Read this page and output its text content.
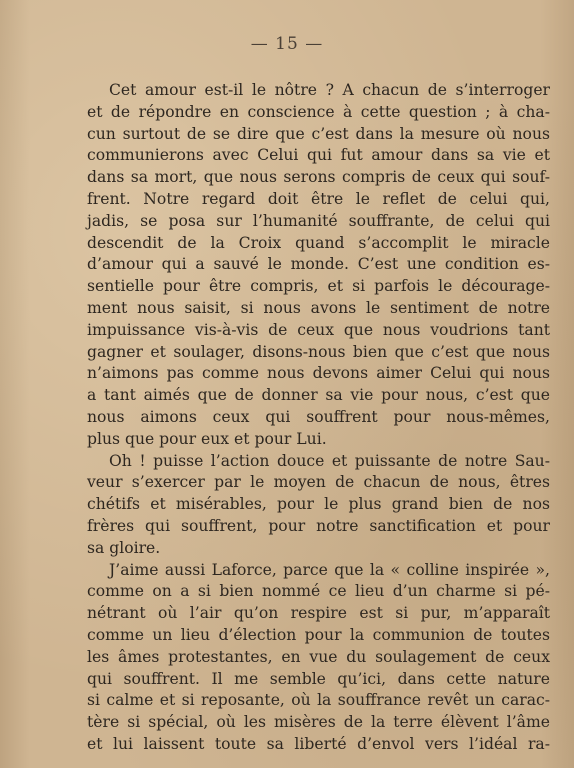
— 15 —
Cet amour est-il le nôtre ? A chacun de s’interroger
et de répondre en conscience à cette question ; à cha-
cun surtout de se dire que c’est dans la mesure où nous
communierons avec Celui qui fut amour dans sa vie et
dans sa mort, que nous serons compris de ceux qui souf-
frent. Notre regard doit être le reflet de celui qui,
jadis, se posa sur l’humanité souffrante, de celui qui
descendit de la Croix quand s’accomplit le miracle
d’amour qui a sauvé le monde. C’est une condition es-
sentielle pour être compris, et si parfois le décourage-
ment nous saisit, si nous avons le sentiment de notre
impuissance vis-à-vis de ceux que nous voudrions tant
gagner et soulager, disons-nous bien que c’est que nous
n’aimons pas comme nous devons aimer Celui qui nous
a tant aimés que de donner sa vie pour nous, c’est que
nous aimons ceux qui souffrent pour nous-mêmes,
plus que pour eux et pour Lui.
Oh ! puisse l’action douce et puissante de notre Sau-
veur s’exercer par le moyen de chacun de nous, êtres
chétifs et misérables, pour le plus grand bien de nos
frères qui souffrent, pour notre sanctification et pour
sa gloire.
J’aime aussi Laforce, parce que la « colline inspirée »,
comme on a si bien nommé ce lieu d’un charme si pé-
nétrant où l’air qu’on respire est si pur, m’apparaît
comme un lieu d’élection pour la communion de toutes
les âmes protestantes, en vue du soulagement de ceux
qui souffrent. Il me semble qu’ici, dans cette nature
si calme et si reposante, où la souffrance revêt un carac-
tère si spécial, où les misères de la terre élèvent l’âme
et lui laissent toute sa liberté d’envol vers l’idéal ra-
